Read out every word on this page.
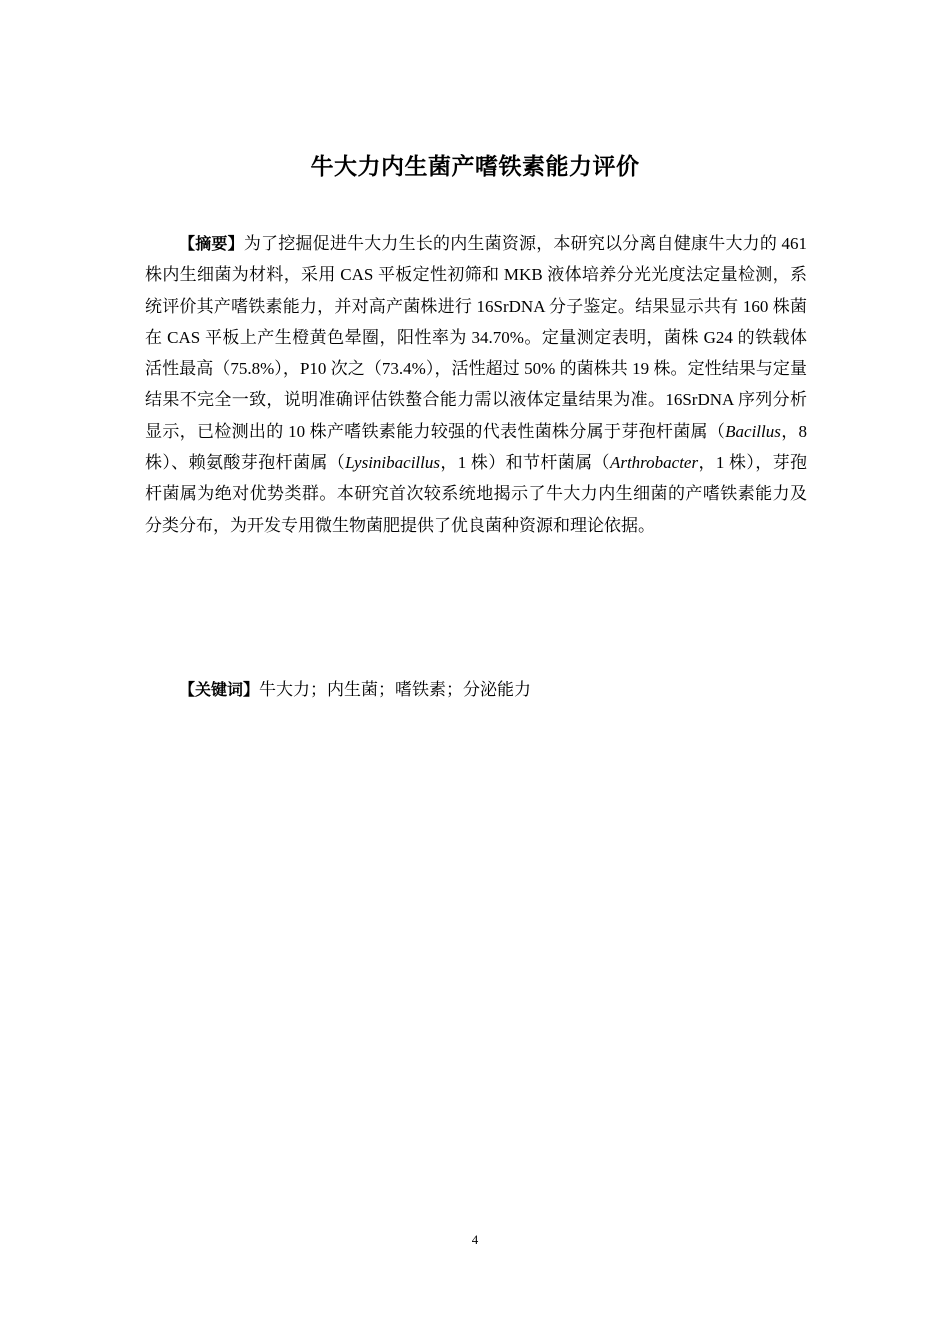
牛大力内生菌产嗜铁素能力评价

【摘要】为了挖掘促进牛大力生长的内生菌资源，本研究以分离自健康牛大力的 461 株内生细菌为材料，采用 CAS 平板定性初筛和 MKB 液体培养分光光度法定量检测，系统评价其产嗜铁素能力，并对高产菌株进行 16SrDNA 分子鉴定。结果显示共有 160 株菌在 CAS 平板上产生橙黄色晕圈，阳性率为 34.70%。定量测定表明，菌株 G24 的铁载体活性最高（75.8%），P10 次之（73.4%），活性超过 50% 的菌株共 19 株。定性结果与定量结果不完全一致，说明准确评估铁螯合能力需以液体定量结果为准。16SrDNA 序列分析显示，已检测出的 10 株产嗜铁素能力较强的代表性菌株分属于芽孢杆菌属（Bacillus，8 株）、赖氨酸芽孢杆菌属（Lysinibacillus，1 株）和节杆菌属（Arthrobacter，1 株），芽孢杆菌属为绝对优势类群。本研究首次较系统地揭示了牛大力内生细菌的产嗜铁素能力及分类分布，为开发专用微生物菌肥提供了优良菌种资源和理论依据。

【关键词】牛大力；内生菌；嗜铁素；分泌能力

4
